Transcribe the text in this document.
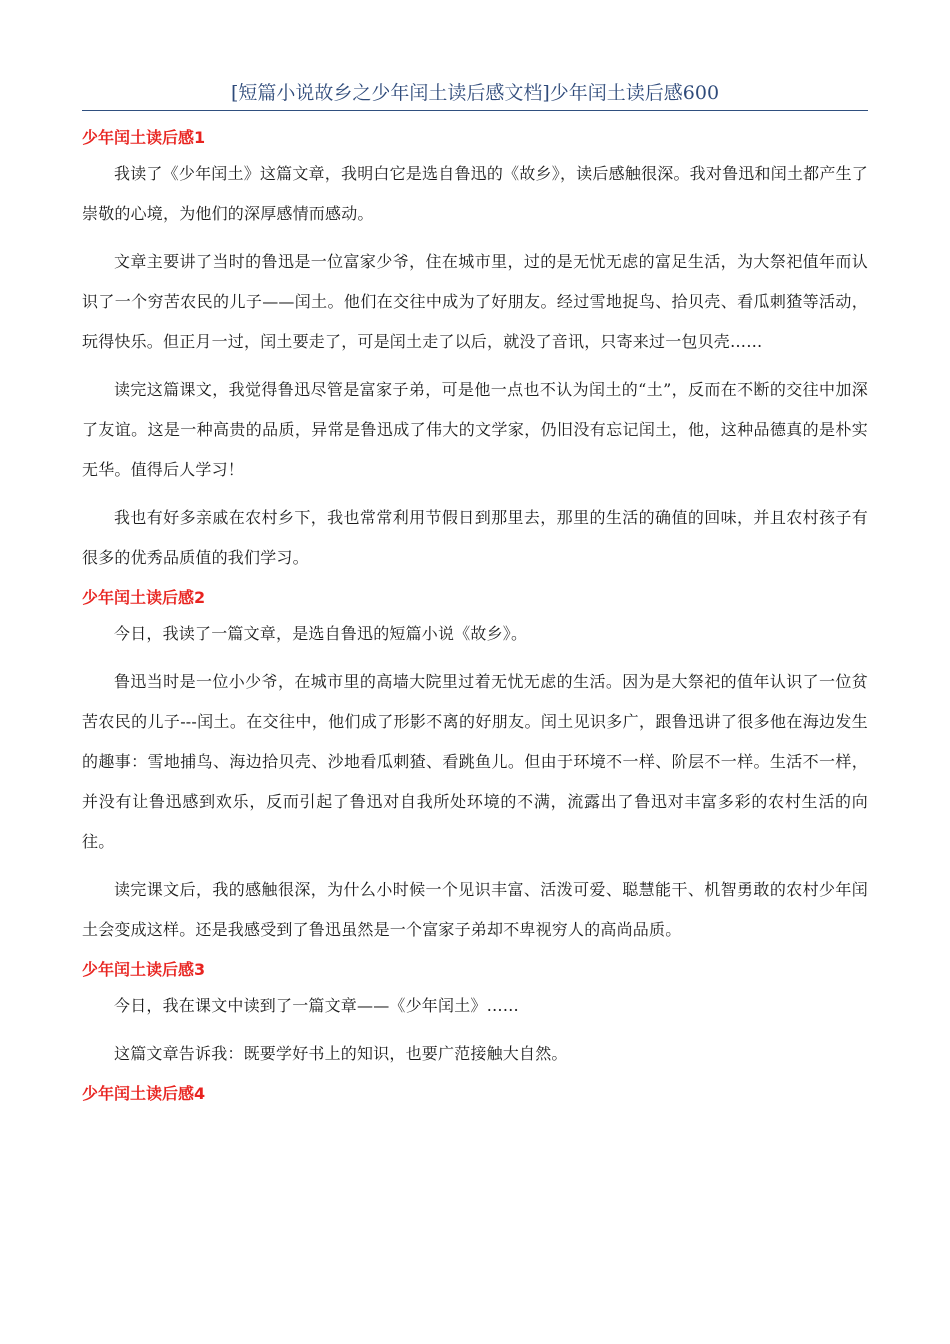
[短篇小说故乡之少年闰土读后感文档]少年闰土读后感600
少年闰土读后感1

我读了《少年闰土》这篇文章，我明白它是选自鲁迅的《故乡》，读后感触很深。我对鲁迅和闰土都产生了崇敬的心境，为他们的深厚感情而感动。

文章主要讲了当时的鲁迅是一位富家少爷，住在城市里，过的是无忧无虑的富足生活，为大祭祀值年而认识了一个穷苦农民的儿子——闰土。他们在交往中成为了好朋友。经过雪地捉鸟、拾贝壳、看瓜刺猹等活动，玩得快乐。但正月一过，闰土要走了，可是闰土走了以后，就没了音讯，只寄来过一包贝壳……

读完这篇课文，我觉得鲁迅尽管是富家子弟，可是他一点也不认为闰土的“土”，反而在不断的交往中加深了友谊。这是一种高贵的品质，异常是鲁迅成了伟大的文学家，仍旧没有忘记闰土，他，这种品德真的是朴实无华。值得后人学习！

我也有好多亲戚在农村乡下，我也常常利用节假日到那里去，那里的生活的确值的回味，并且农村孩子有很多的优秀品质值的我们学习。

少年闰土读后感2

今日，我读了一篇文章，是选自鲁迅的短篇小说《故乡》。

鲁迅当时是一位小少爷，在城市里的高墙大院里过着无忧无虑的生活。因为是大祭祀的值年认识了一位贫苦农民的儿子---闰土。在交往中，他们成了形影不离的好朋友。闰土见识多广，跟鲁迅讲了很多他在海边发生的趣事：雪地捕鸟、海边拾贝壳、沙地看瓜刺猹、看跳鱼儿。但由于环境不一样、阶层不一样。生活不一样，并没有让鲁迅感到欢乐，反而引起了鲁迅对自我所处环境的不满，流露出了鲁迅对丰富多彩的农村生活的向往。

读完课文后，我的感触很深，为什么小时候一个见识丰富、活泼可爱、聪慧能干、机智勇敢的农村少年闰土会变成这样。还是我感受到了鲁迅虽然是一个富家子弟却不卑视穷人的高尚品质。

少年闰土读后感3

今日，我在课文中读到了一篇文章——《少年闰土》……

这篇文章告诉我：既要学好书上的知识，也要广范接触大自然。

少年闰土读后感4
